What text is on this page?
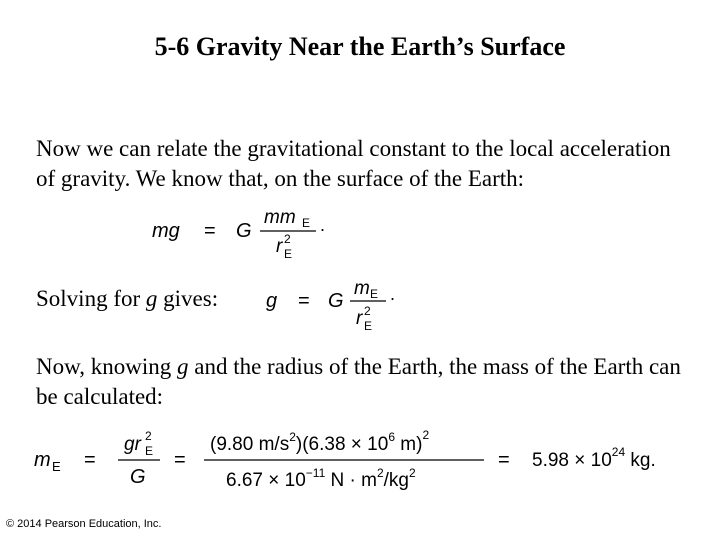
5-6 Gravity Near the Earth’s Surface
Now we can relate the gravitational constant to the local acceleration of gravity. We know that, on the surface of the Earth:
mg = G
mm E
r 2
E
.
Solving for g gives:	g = G
m E
r 2
E
.
Now, knowing g and the radius of the Earth, the mass of the Earth can be calculated:
m E =
gr 2
E
G
=
(9.80 $m/s^2)(6.38 \times 10^6$ m)$^2$
$6.67 \times 10^{-11}$ $N \cdot m^2/kg^2$
= $5.98 \times 10^{24}$ kg.
© 2014 Pearson Education, Inc.
